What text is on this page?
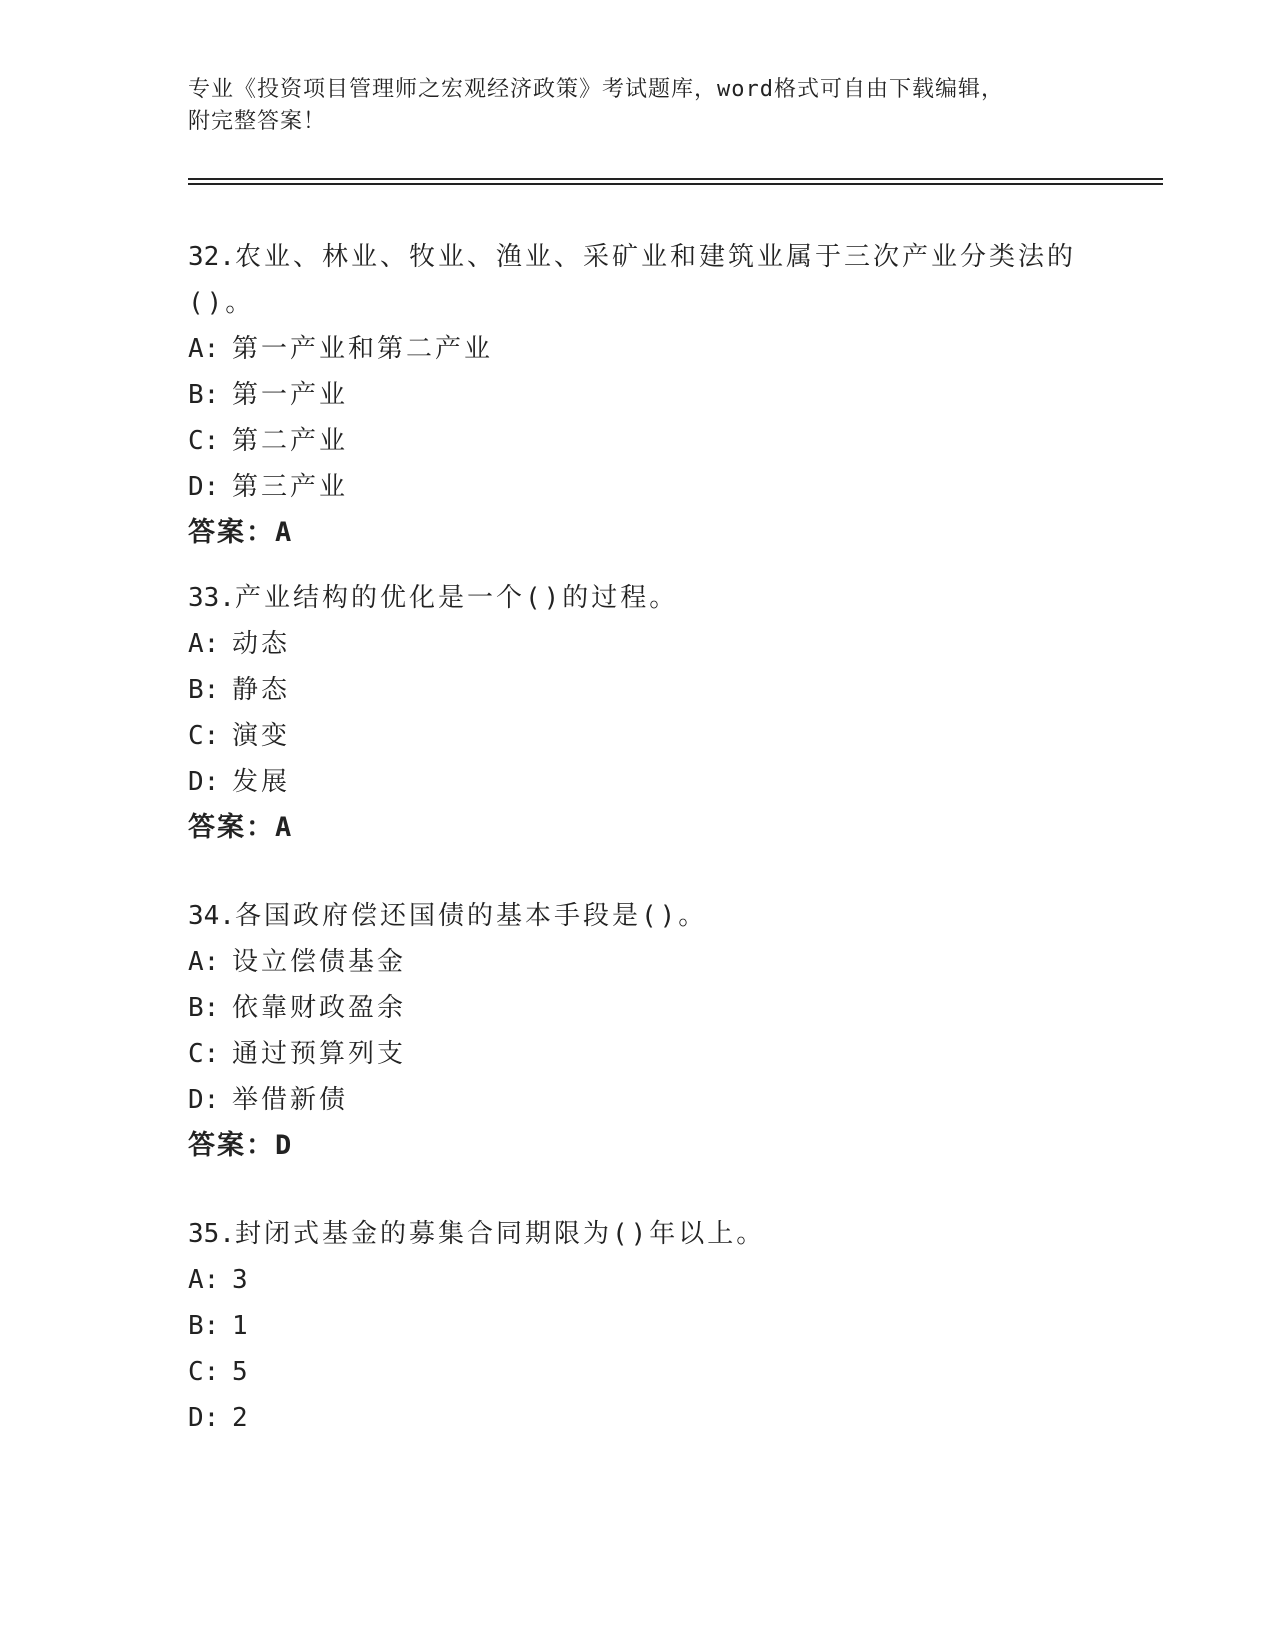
专业《投资项目管理师之宏观经济政策》考试题库，word格式可自由下载编辑，
附完整答案！
32.农业、林业、牧业、渔业、采矿业和建筑业属于三次产业分类法的
()。
A: 第一产业和第二产业
B: 第一产业
C: 第二产业
D: 第三产业
答案： A
33.产业结构的优化是一个()的过程。
A: 动态
B: 静态
C: 演变
D: 发展
答案： A
34.各国政府偿还国债的基本手段是()。
A: 设立偿债基金
B: 依靠财政盈余
C: 通过预算列支
D: 举借新债
答案： D
35.封闭式基金的募集合同期限为()年以上。
A: 3
B: 1
C: 5
D: 2
